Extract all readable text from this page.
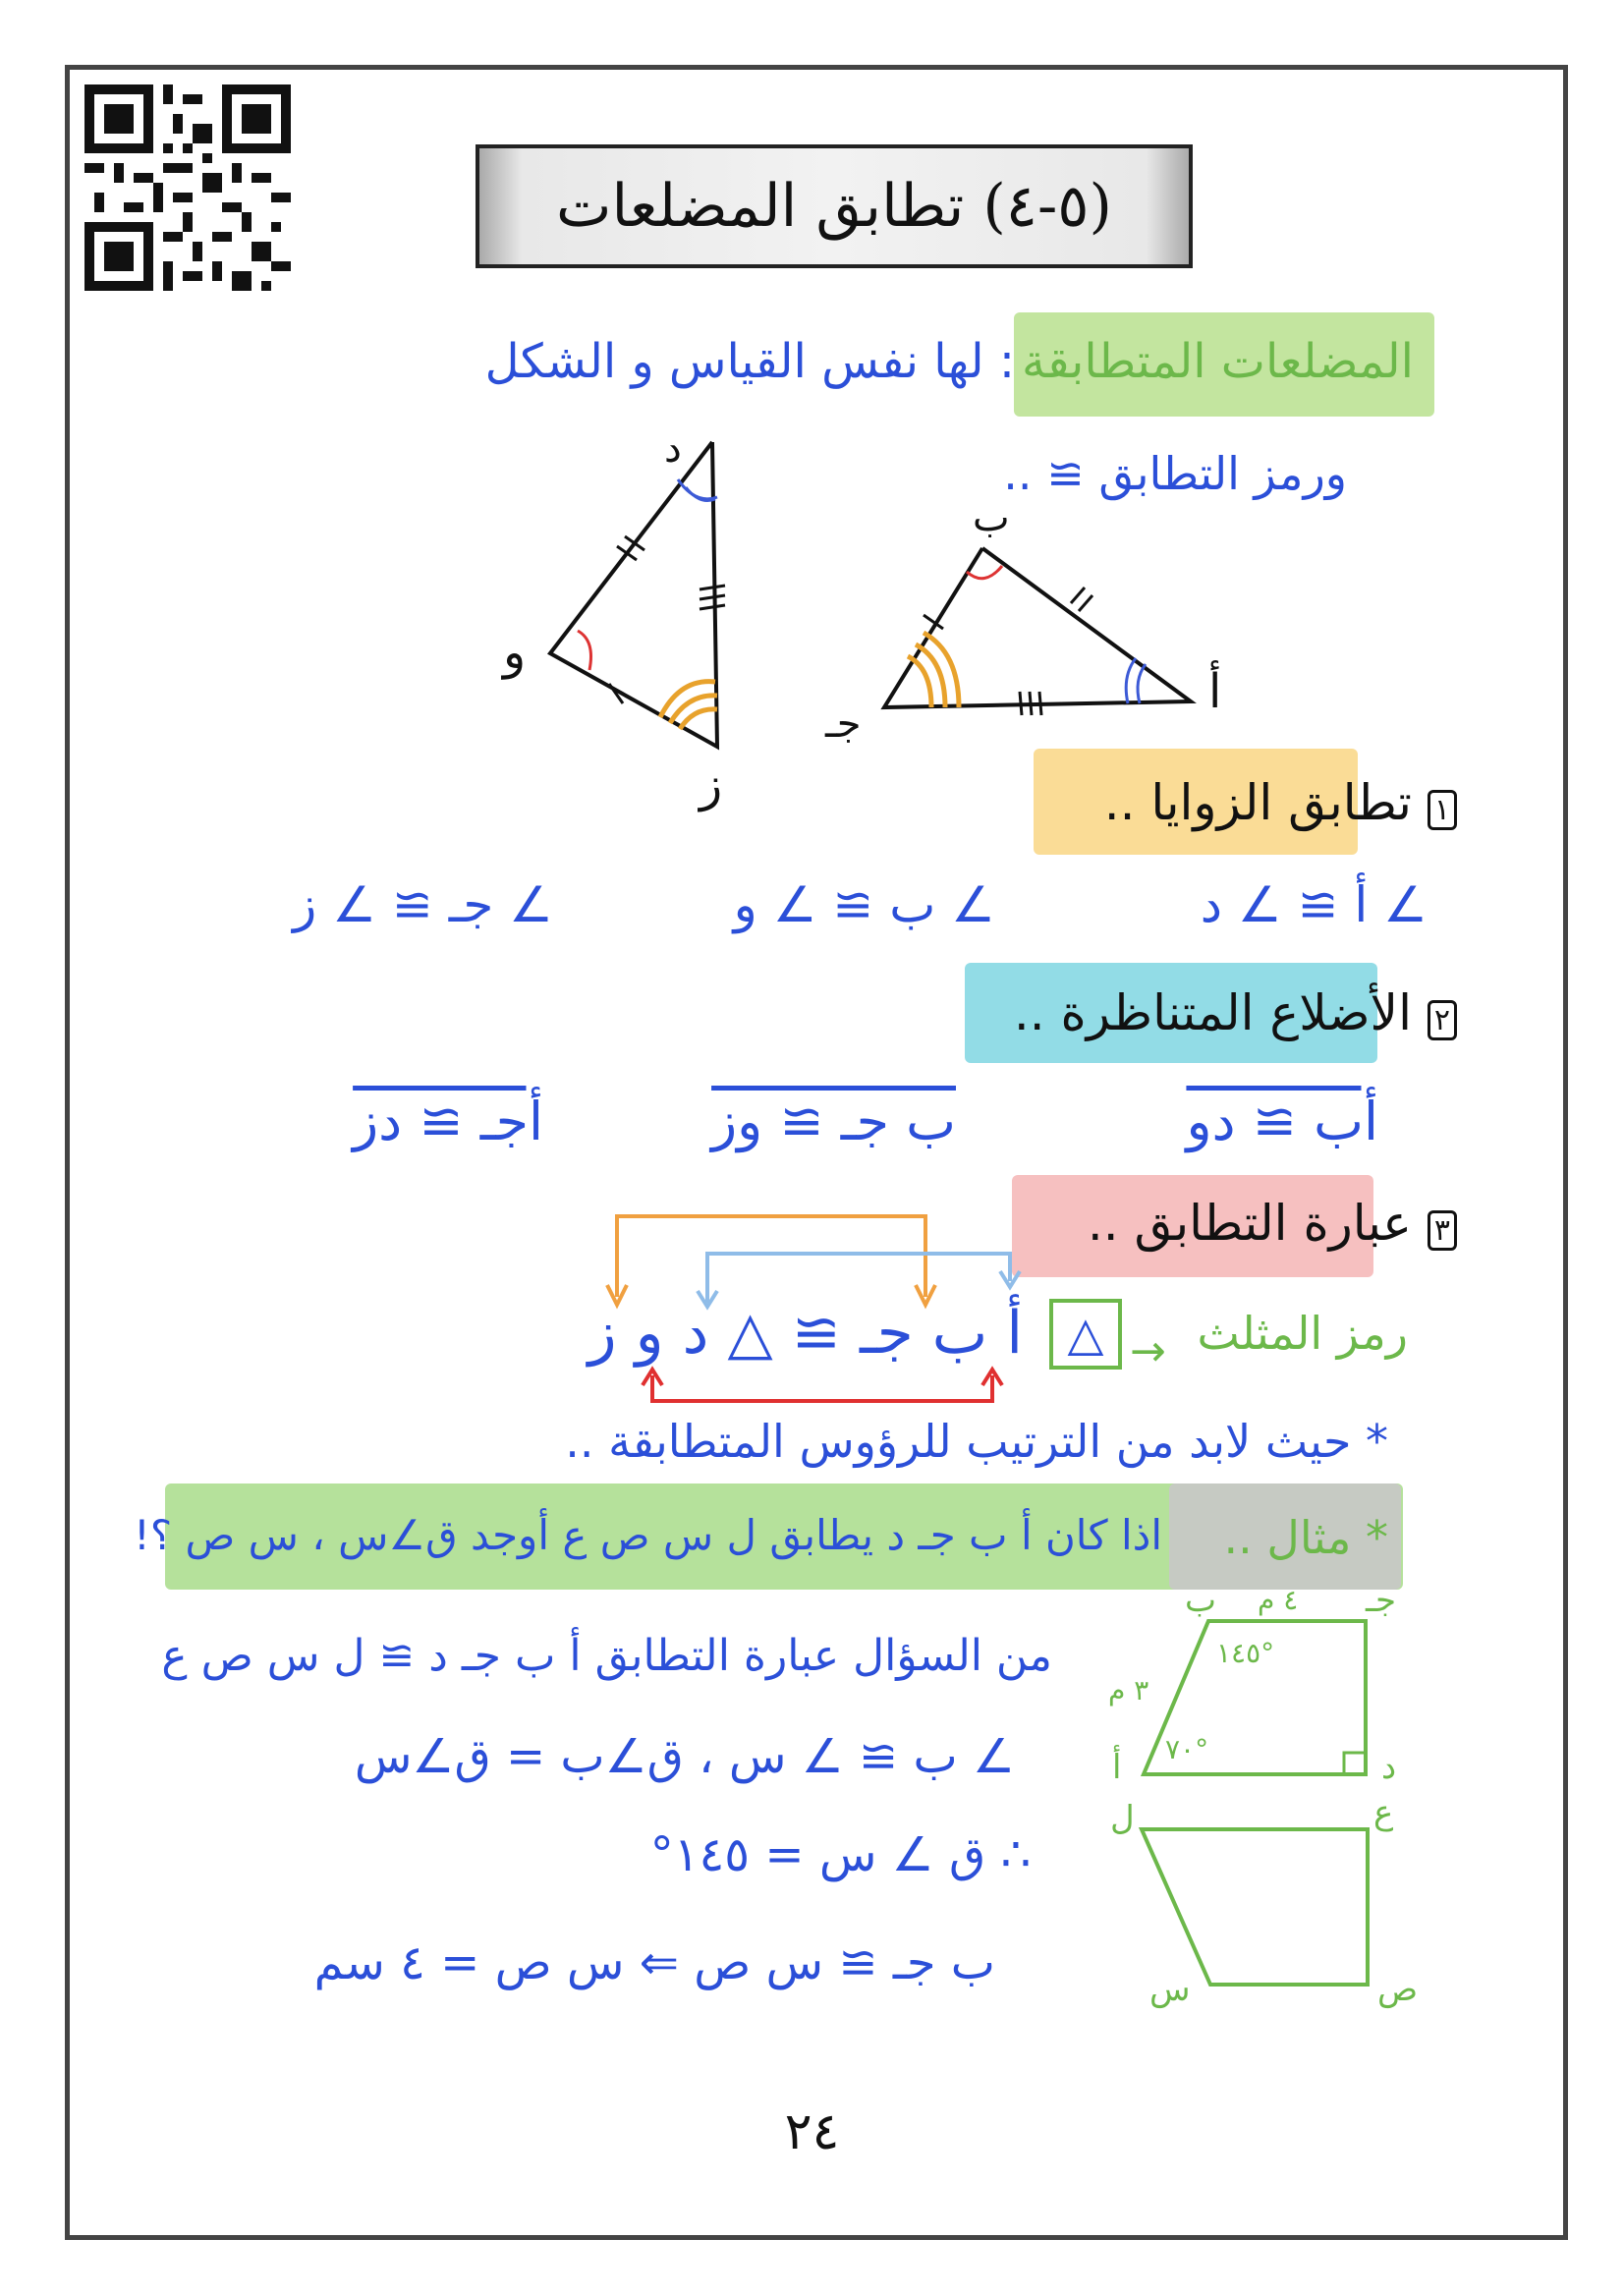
(٥-٤) تطابق المضلعات
المضلعات المتطابقة
: لها نفس القياس و الشكل
ورمز التطابق ≅ ..
د
و
ز
ب
جـ
أ
١ تطابق الزوايا ..
∠ أ ≅ ∠ د
∠ ب ≅ ∠ و
∠ جـ ≅ ∠ ز
٢ الأضلاع المتناظرة ..
أب ≅ دو
ب جـ ≅ وز
أجـ ≅ دز
٣ عبارة التطابق ..
رمز المثلث
△ →
أ ب جـ ≅ △ د و ز
* حيث لابد من الترتيب للرؤوس المتطابقة ..
* مثال ..
اذا كان أ ب جـ د يطابق ل س ص ع أوجد ق∠س ، س ص ؟!
من السؤال عبارة التطابق أ ب جـ د ≅ ل س ص ع
∠ ب ≅ ∠ س ، ق∠ب = ق∠س
∴ ق ∠ س = ١٤٥°
ب جـ ≅ س ص ⇐ س ص = ٤ سم
ب	جـ
د
أ
٤ م
٣ م
١٤٥°
٧٠°
ل	ع
س	ص
٢٤
